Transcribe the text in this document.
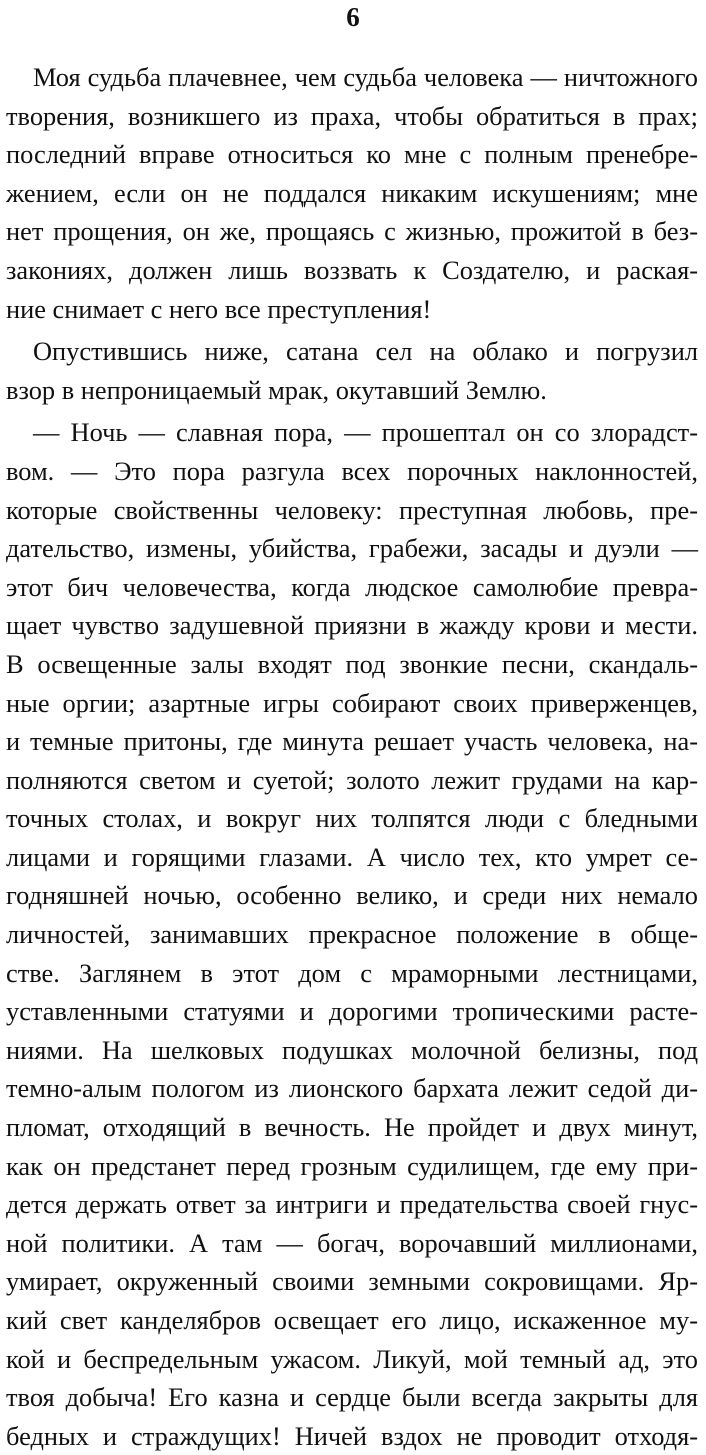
6
Моя судьба плачевнее, чем судьба человека — ничтожного
творения, возникшего из праха, чтобы обратиться в прах;
последний вправе относиться ко мне с полным пренебре-
жением, если он не поддался никаким искушениям; мне
нет прощения, он же, прощаясь с жизнью, прожитой в без-
закониях, должен лишь воззвать к Создателю, и раская-
ние снимает с него все преступления!
Опустившись ниже, сатана сел на облако и погрузил
взор в непроницаемый мрак, окутавший Землю.
— Ночь — славная пора, — прошептал он со злорадст-
вом. — Это пора разгула всех порочных наклонностей,
которые свойственны человеку: преступная любовь, пре-
дательство, измены, убийства, грабежи, засады и дуэли —
этот бич человечества, когда людское самолюбие превра-
щает чувство задушевной приязни в жажду крови и мести.
В освещенные залы входят под звонкие песни, скандаль-
ные оргии; азартные игры собирают своих приверженцев,
и темные притоны, где минута решает участь человека, на-
полняются светом и суетой; золото лежит грудами на кар-
точных столах, и вокруг них толпятся люди с бледными
лицами и горящими глазами. А число тех, кто умрет се-
годняшней ночью, особенно велико, и среди них немало
личностей, занимавших прекрасное положение в обще-
стве. Заглянем в этот дом с мраморными лестницами,
уставленными статуями и дорогими тропическими расте-
ниями. На шелковых подушках молочной белизны, под
темно-алым пологом из лионского бархата лежит седой ди-
пломат, отходящий в вечность. Не пройдет и двух минут,
как он предстанет перед грозным судилищем, где ему при-
дется держать ответ за интриги и предательства своей гнус-
ной политики. А там — богач, ворочавший миллионами,
умирает, окруженный своими земными сокровищами. Яр-
кий свет канделябров освещает его лицо, искаженное му-
кой и беспредельным ужасом. Ликуй, мой темный ад, это
твоя добыча! Его казна и сердце были всегда закрыты для
бедных и страждущих! Ничей вздох не проводит отходя-
